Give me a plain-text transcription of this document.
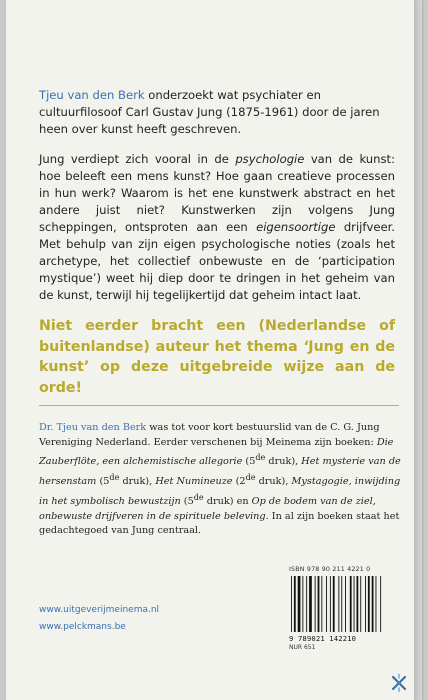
Tjeu van den Berk onderzoekt wat psychiater en cultuurfilosoof Carl Gustav Jung (1875-1961) door de jaren heen over kunst heeft geschreven.

Jung verdiept zich vooral in de psychologie van de kunst: hoe beleeft een mens kunst? Hoe gaan creatieve processen in hun werk? Waarom is het ene kunstwerk abstract en het andere juist niet? Kunstwerken zijn volgens Jung scheppingen, ontsproten aan een eigensoortige drijfveer. Met behulp van zijn eigen psychologische noties (zoals het archetype, het collectief onbewuste en de ‘participation mystique’) weet hij diep door te dringen in het geheim van de kunst, terwijl hij tegelijkertijd dat geheim intact laat.

Niet eerder bracht een (Nederlandse of buitenlandse) auteur het thema ‘Jung en de kunst’ op deze uitgebreide wijze aan de orde!

Dr. Tjeu van den Berk was tot voor kort bestuurslid van de C. G. Jung Vereniging Nederland. Eerder verschenen bij Meinema zijn boeken: Die Zauberflöte, een alchemistische allegorie (5de druk), Het mysterie van de hersenstam (5de druk), Het Numineuze (2de druk), Mystagogie, inwijding in het symbolisch bewustzijn (5de druk) en Op de bodem van de ziel, onbewuste drijfveren in de spirituele beleving. In al zijn boeken staat het gedachtegoed van Jung centraal.

ISBN 978 90 211 4221 0
9 789021 142210
NUR 651
www.uitgeverijmeinema.nl
www.pelckmans.be
